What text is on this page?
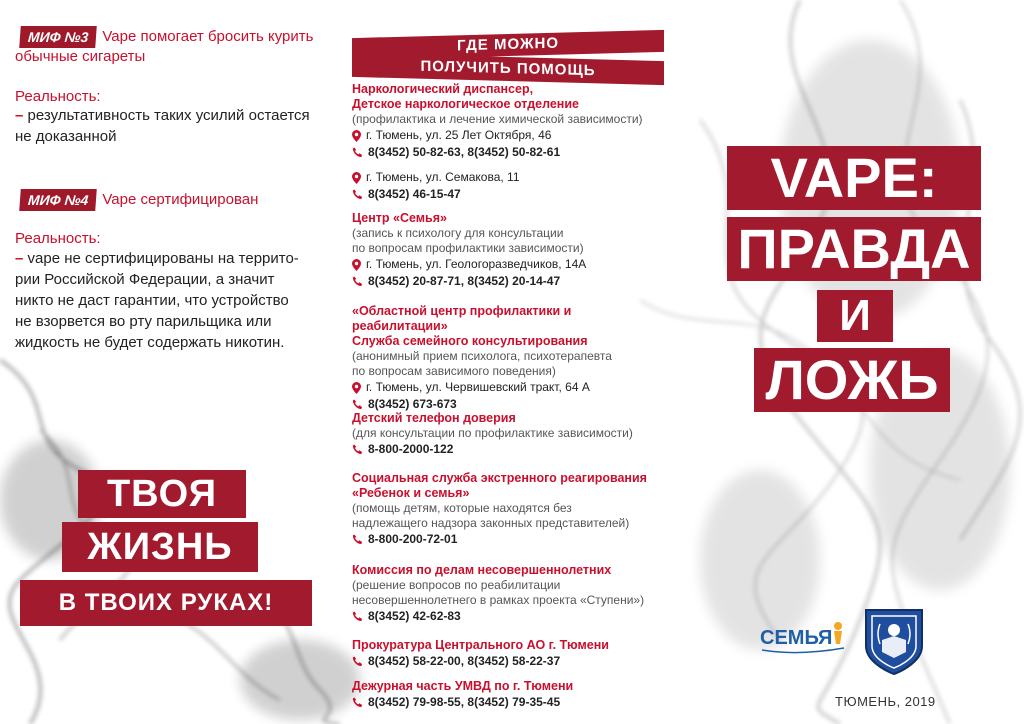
МИФ №3 Vape помогает бросить курить
обычные сигареты
Реальность:
– результативность таких усилий остается
не доказанной
МИФ №4 Vape сертифицирован
Реальность:
– vape не сертифицированы на террито-
рии Российской Федерации, а значит
никто не даст гарантии, что устройство
не взорвется во рту парильщика или
жидкость не будет содержать никотин.
ТВОЯ
ЖИЗНЬ
В ТВОИХ РУКАХ!
ГДЕ МОЖНО
ПОЛУЧИТЬ ПОМОЩЬ
Наркологический диспансер,
Детское наркологическое отделение
(профилактика и лечение химической зависимости)
г. Тюмень, ул. 25 Лет Октября, 46
8(3452) 50-82-63, 8(3452) 50-82-61
г. Тюмень, ул. Семакова, 11
8(3452) 46-15-47
Центр «Семья»
(запись к психологу для консультации
по вопросам профилактики зависимости)
г. Тюмень, ул. Геологоразведчиков, 14А
8(3452) 20-87-71, 8(3452) 20-14-47
«Областной центр профилактики и реабилитации»
Служба семейного консультирования
(анонимный прием психолога, психотерапевта
по вопросам зависимого поведения)
г. Тюмень, ул. Червишевский тракт, 64 А
8(3452) 673-673
Детский телефон доверия
(для консультации по профилактике зависимости)
8-800-2000-122
Социальная служба экстренного реагирования
«Ребенок и семья»
(помощь детям, которые находятся без
надлежащего надзора законных представителей)
8-800-200-72-01
Комиссия по делам несовершеннолетних
(решение вопросов по реабилитации
несовершеннолетнего в рамках проекта «Ступени»)
8(3452) 42-62-83
Прокуратура Центрального АО г. Тюмени
8(3452) 58-22-00, 8(3452) 58-22-37
Дежурная часть УМВД по г. Тюмени
8(3452) 79-98-55, 8(3452) 79-35-45
VAPE:
ПРАВДА
И
ЛОЖЬ
СЕМЬЯ
ТЮМЕНЬ, 2019
